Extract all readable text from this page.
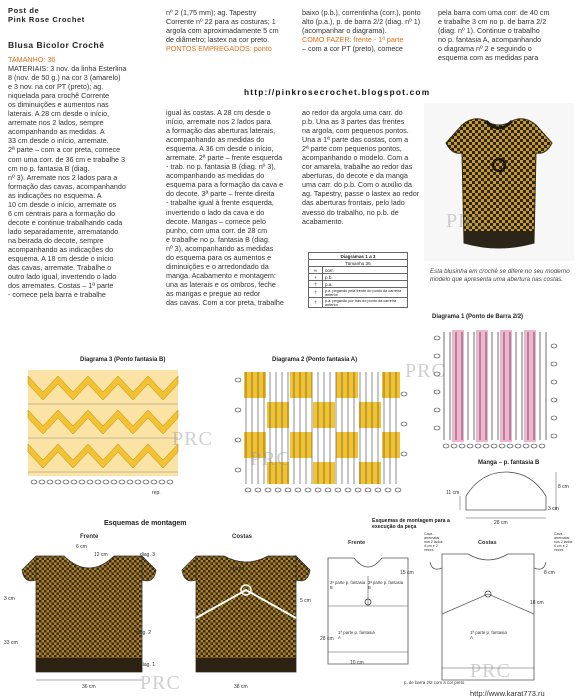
Post de
Pink Rose Crochet
Blusa Bicolor Crochê
TAMANHO: 36
MATERIAIS: 3 nov. da linha Esterlina
8 (nov. de 50 g.) na cor 3 (amarelo)
e 3 nov. na cor PT (preto); ag.
niquelada para crochê Corrente
os diminuições e aumentos nas
laterais. A 28 cm desde o início,
arremate nos 2 lados, sempre
acompanhando as medidas. A
33 cm desde o início, arremate.
2ª parte – com a cor preta, comece
com uma corr. de 36 cm e trabalhe 3
cm no p. fantasia B (diag.
nº 3). Arremate nos 2 lados para a
formação das cavas, acompanhando
as indicações no esquema. A
10 cm desde o início, arremate os
6 cm centrais para a formação do
decote e continue trabalhando cada
lado separadamente, arrematando
na beirada do decote, sempre
acompanhando as indicações do
esquema. A 18 cm desde o início
das cavas, arremate. Trabalhe o
outro lado igual, invertendo o lado
dos arremates. Costas – 1ª parte
- comece pela barra e trabalhe
nº 2 (1,75 mm); ag. Tapestry
Corrente nº 22 para as costuras; 1
argola com aproximadamente 5 cm
de diâmetro; lastex na cor preto.
PONTOS EMPREGADOS: ponto
baixo (p.b.), correntinha (corr.), ponto
alto (p.a.), p. de barra 2/2 (diag. nº 1)
(acompanhar o diagrama).
COMO FAZER: frente - 1ª parte
– com a cor PT (preto), comece
pela barra com uma corr. de 40 cm
e trabalhe 3 cm no p. de barra 2/2
(diag. nº 1). Continue o trabalho
no p. fantasia A, acompanhando
o diagrama nº 2 e seguindo o
esquema com as medidas para
http://pinkrosecrochet.blogspot.com
igual às costas. A 28 cm desde o
início, arremate nos 2 lados para
a formação das aberturas laterais,
acompanhando as medidas do
esquema. A 36 cm desde o início,
arremate. 2ª parte – frente esquerda
- trab. no p. fantasia B (diag. nº 3),
acompanhando as medidas do
esquema para a formação da cava e
do decote. 3ª parte – frente direita
- trabalhe igual à frente esquerda,
invertendo o lado da cava e do
decote. Mangas – comece pelo
punho, com uma corr. de 28 cm
e trabalhe no p. fantasia B (diag.
nº 3), acompanhando as medidas
do esquema para os aumentos e
diminuições e o arredondado da
manga. Acabamento e montagem:
una as laterais e os ombros, feche
as mangas e pregue ao redor
das cavas. Com a cor preta, trabalhe
ao redor da argola uma carr. do
p.b. Una as 3 partes das frentes
na argola, com pequenos pontos.
Una a 1ª parte das costas, com a
2ª parte com pequenos pontos,
acompanhando o modelo. Com a
cor amarela, trabalhe ao redor das
aberturas, do decote e da manga
uma carr. do p.b. Com o auxílio da
ag. Tapestry, passe o lastex ao redor
das aberturas frontais, pelo lado
avesso do trabalho, no p.b. de
acabamento.
Diagramas 1 a 3	
Tamanho 36	
∞	corr.
+	p.b.
†	p.a.
†	p.a. pegando pela frente do ponto da carreira anterior
†	p.a. pegando por trás do ponto da carreira anterior
PRC
Esta blusinha em crochê se difere no seu moderno modelo que apresenta uma abertura nas costas.
Diagrama 1 (Ponto de Barra 2/2)
PRC
Diagrama 3 (Ponto fantasia B)
rep.
PRC
Diagrama 2 (Ponto fantasia A)
Manga – p. fantasia B
28 cm
8 cm
11 cm
3 cm
Esquemas de montagem	Esquemas de montagem para a execução da peça
Frente	Costas
argola
12 cm
6 cm
3 cm	5 cm
36 cm	38 cm
33 cm
diag. 3
diag. 2
diag. 1
PRC
Frente
2ª parte p. fantasia B
3ª parte p. fantasia B
1ª parte p. fantasia A
15 cm
28 cm
10 cm
Costas
1ª parte p. fantasia A
18 cm
8 cm
p. de barra 2/2 com a cor preto
Cava - arrematar nos 2 lados 4 cm e 2 vezes
Cava - arrematar nos 2 lados 4 cm e 2 vezes
PRC
PRC
http://www.karat773.ru
